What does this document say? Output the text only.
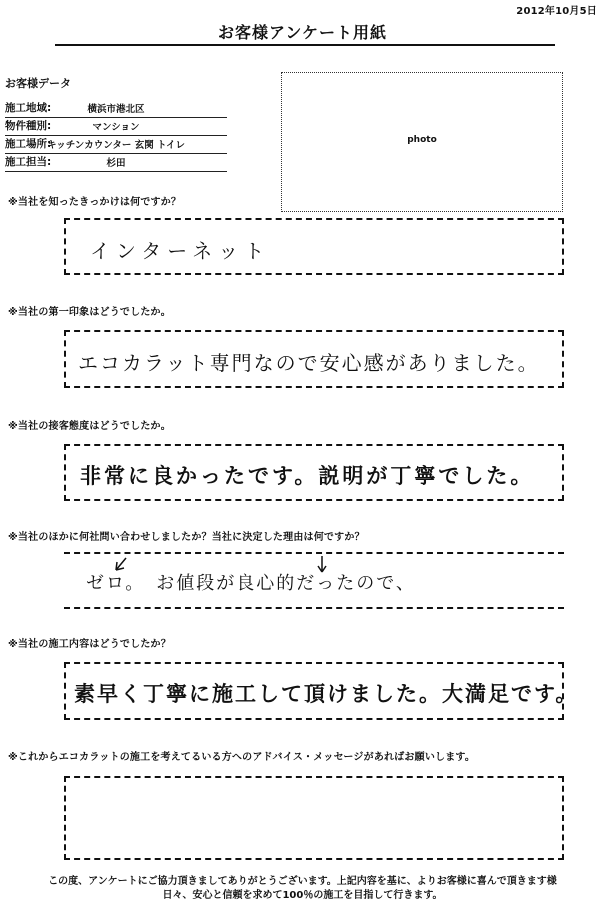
2012年10月5日
お客様アンケート用紙
お客様データ
施工地域:	横浜市港北区
物件種別:	マンション
施工場所:
キッチンカウンター 玄関 トイレ
施工担当:	杉田
photo
※当社を知ったきっかけは何ですか？
インターネット
※当社の第一印象はどうでしたか。
エコカラット専門なので安心感がありました。
※当社の接客態度はどうでしたか。
非常に良かったです。説明が丁寧でした。
※当社のほかに何社問い合わせしましたか？当社に決定した理由は何ですか？
ゼロ。　お値段が良心的だったので、
※当社の施工内容はどうでしたか？
素早く丁寧に施工して頂けました。大満足です。
※これからエコカラットの施工を考えてるいる方へのアドバイス・メッセージがあればお願いします。
この度、アンケートにご協力頂きましてありがとうございます。上記内容を基に、よりお客様に喜んで頂きます様
日々、安心と信頼を求めて100％の施工を目指して行きます。
